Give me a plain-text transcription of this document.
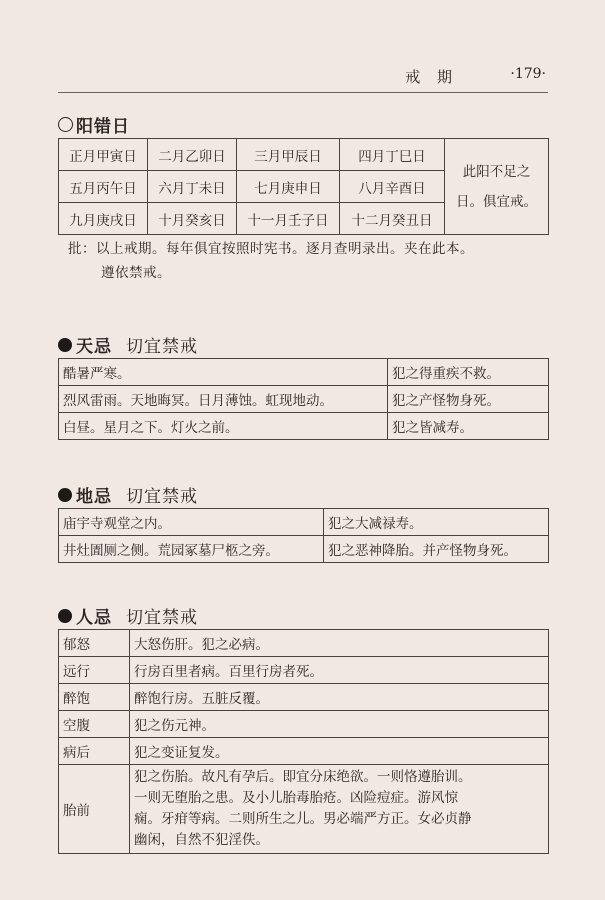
戒 期	·179·
阳错日
正月甲寅日	二月乙卯日	三月甲辰日	四月丁巳日	此阳不足之日。俱宜戒。
五月丙午日	六月丁未日	七月庚申日	八月辛酉日	
九月庚戌日	十月癸亥日	十一月壬子日	十二月癸丑日	
批：以上戒期。每年俱宜按照时宪书。逐月查明录出。夹在此本。
遵依禁戒。
天忌 切宜禁戒
酷暑严寒。	犯之得重疾不救。
烈风雷雨。天地晦冥。日月薄蚀。虹现地动。	犯之产怪物身死。
白昼。星月之下。灯火之前。	犯之皆减寿。
地忌 切宜禁戒
庙宇寺观堂之内。	犯之大减禄寿。
井灶圊厕之侧。荒园冢墓尸柩之旁。	犯之恶神降胎。并产怪物身死。
人忌 切宜禁戒
郁怒	大怒伤肝。犯之必病。
远行	行房百里者病。百里行房者死。
醉饱	醉饱行房。五脏反覆。
空腹	犯之伤元神。
病后	犯之变证复发。
胎前	犯之伤胎。故凡有孕后。即宜分床绝欲。一则恪遵胎训。
一则无堕胎之患。及小儿胎毒胎疮。凶险痘症。游风惊
痫。牙疳等病。二则所生之儿。男必端严方正。女必贞静
幽闲，自然不犯淫佚。
